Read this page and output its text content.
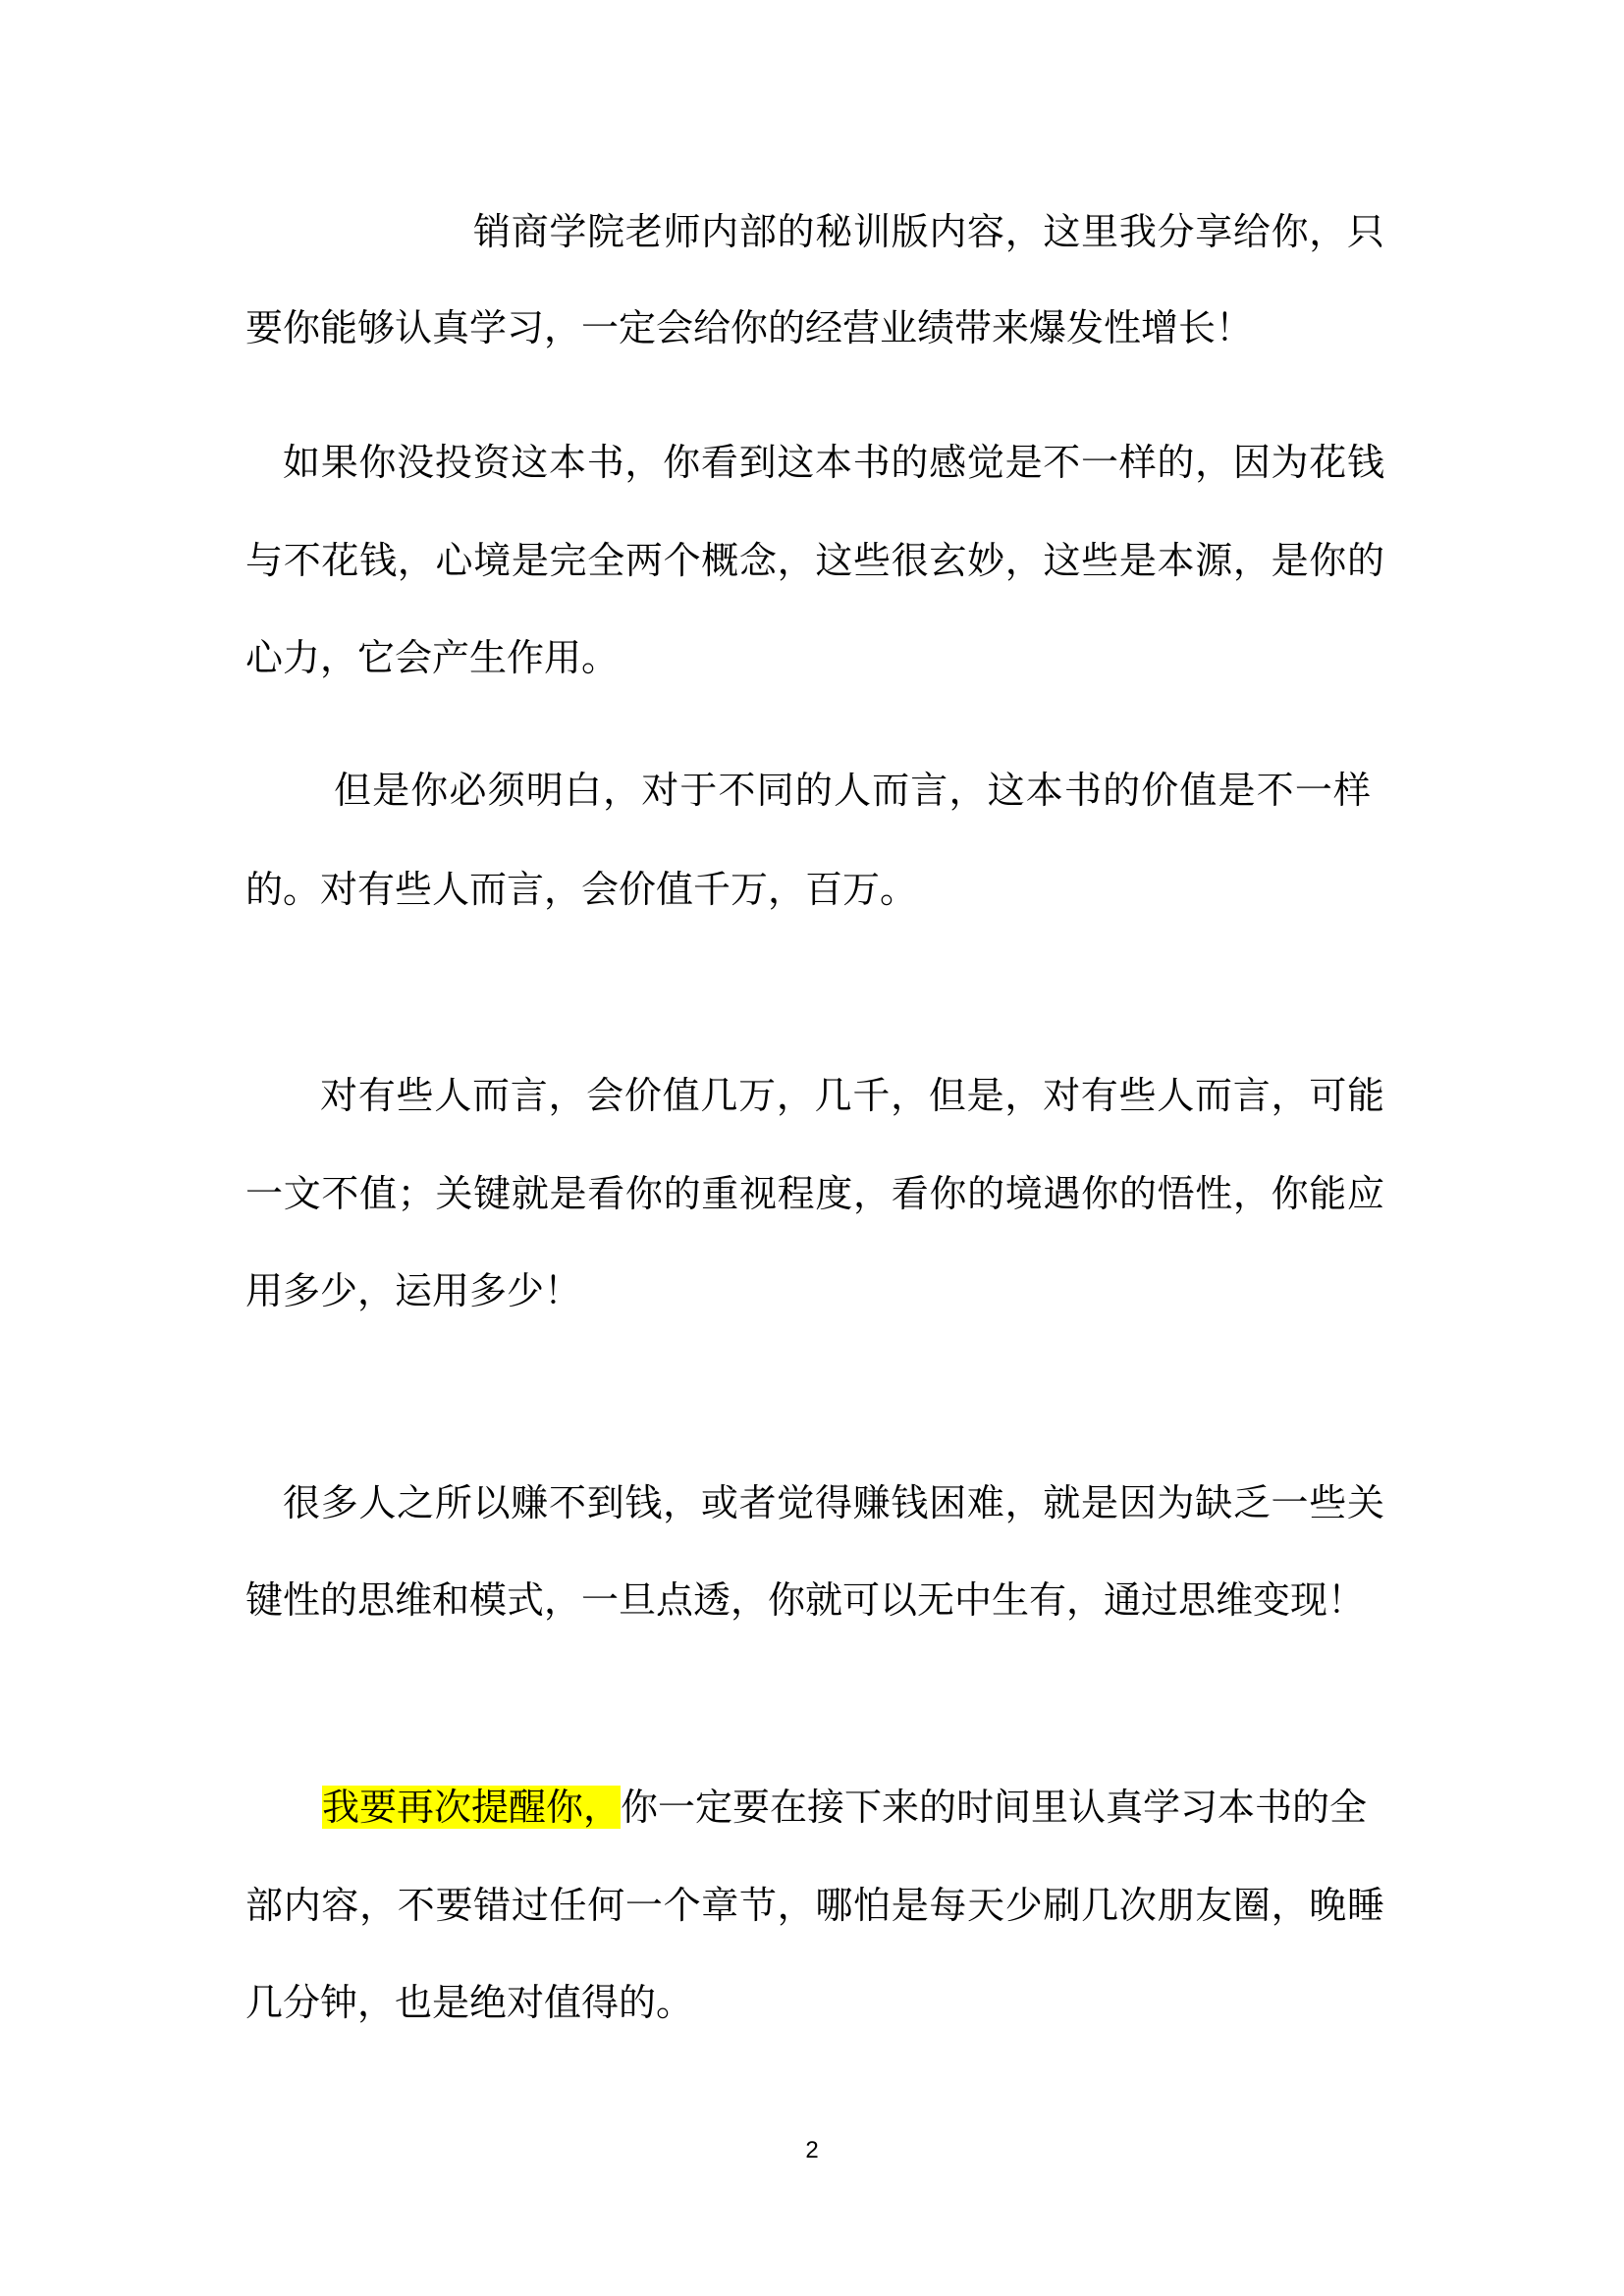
销商学院老师内部的秘训版内容，这里我分享给你，只
要你能够认真学习，一定会给你的经营业绩带来爆发性增长！
如果你没投资这本书，你看到这本书的感觉是不一样的，因为花钱
与不花钱，心境是完全两个概念，这些很玄妙，这些是本源，是你的
心力，它会产生作用。
但是你必须明白，对于不同的人而言，这本书的价值是不一样
的。对有些人而言，会价值千万，百万。
对有些人而言，会价值几万，几千，但是，对有些人而言，可能
一文不值；关键就是看你的重视程度，看你的境遇你的悟性，你能应
用多少，运用多少！
很多人之所以赚不到钱，或者觉得赚钱困难，就是因为缺乏一些关
键性的思维和模式，一旦点透，你就可以无中生有，通过思维变现！
我要再次提醒你，你一定要在接下来的时间里认真学习本书的全
部内容，不要错过任何一个章节，哪怕是每天少刷几次朋友圈，晚睡
几分钟，也是绝对值得的。
2
